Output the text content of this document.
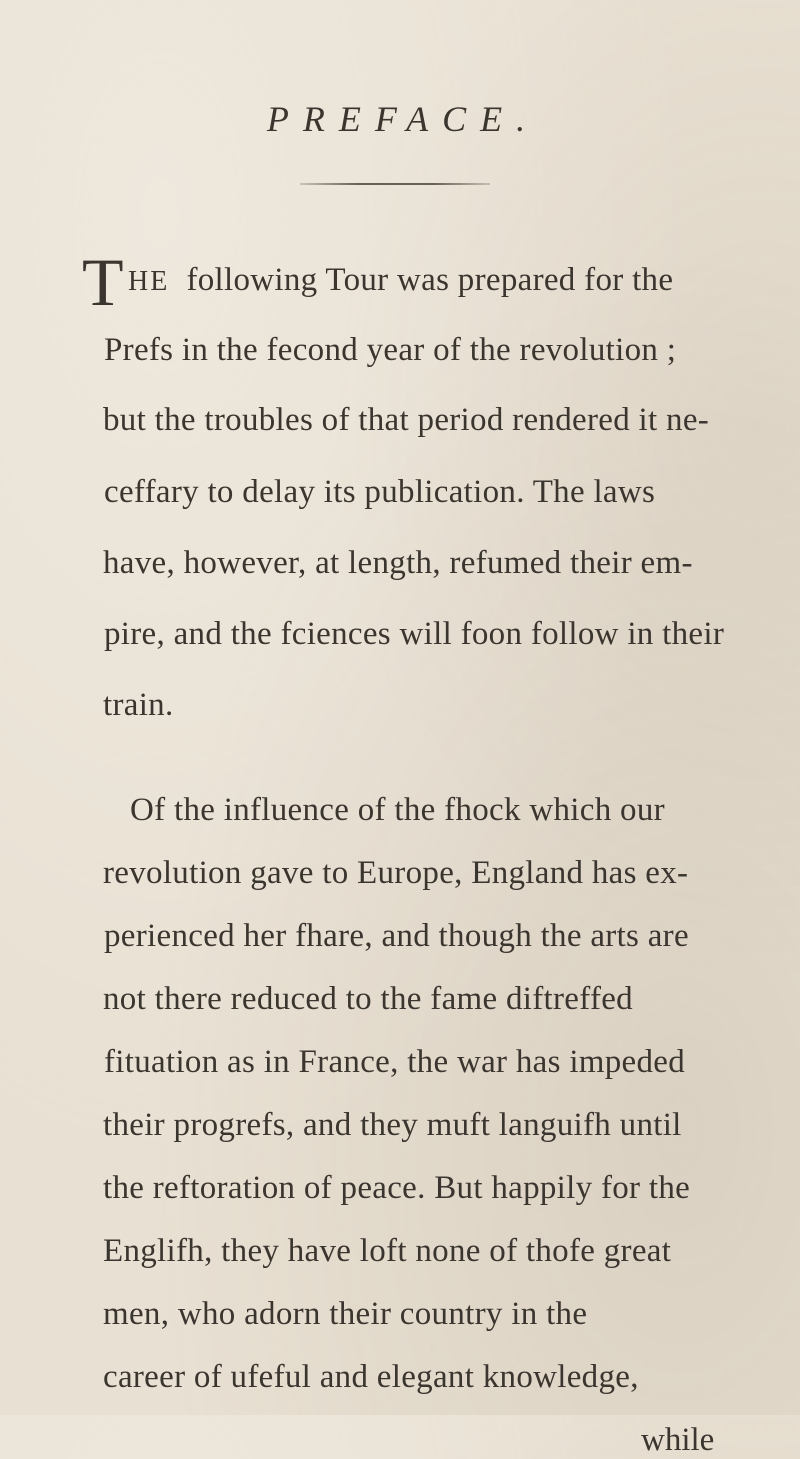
PREFACE.
T HE following Tour was prepared for the
Prefs in the fecond year of the revolution ;
but the troubles of that period rendered it ne-
ceffary to delay its publication. The laws
have, however, at length, refumed their em-
pire, and the fciences will foon follow in their
train.
Of the influence of the fhock which our
revolution gave to Europe, England has ex-
perienced her fhare, and though the arts are
not there reduced to the fame diftreffed
fituation as in France, the war has impeded
their progrefs, and they muft languifh until
the reftoration of peace. But happily for the
Englifh, they have loft none of thofe great
while
men, who adorn their country in the
career of ufeful and elegant knowledge,
